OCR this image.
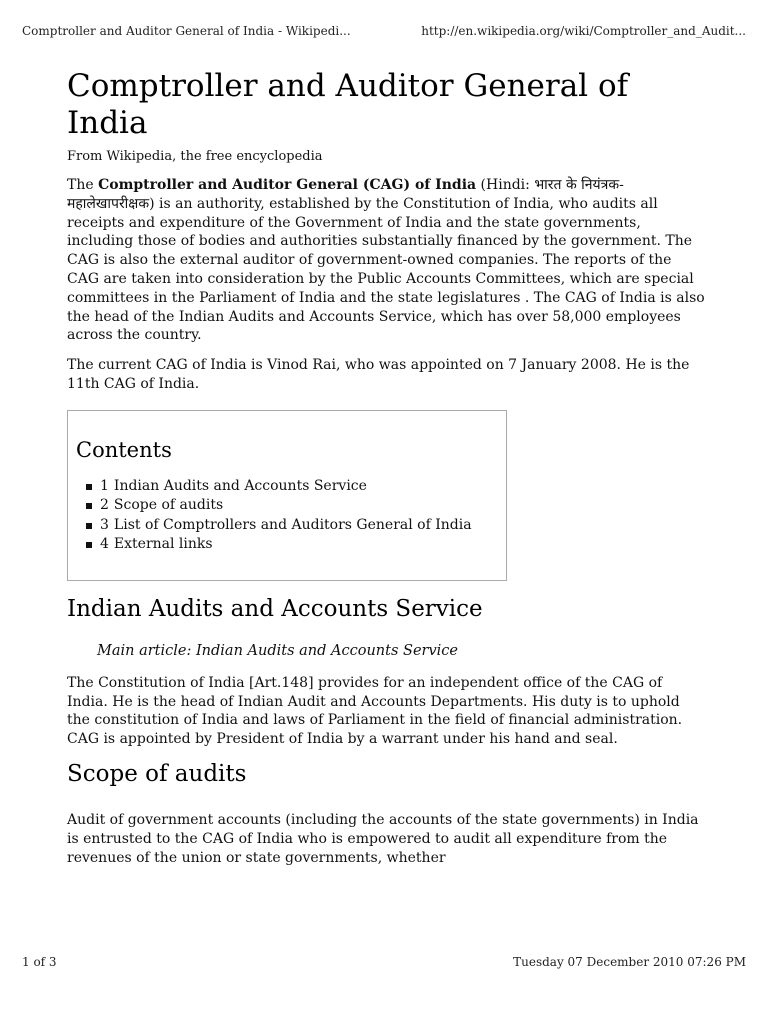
Comptroller and Auditor General of India - Wikipedi...	http://en.wikipedia.org/wiki/Comptroller_and_Audit...
Comptroller and Auditor General of India
From Wikipedia, the free encyclopedia

The Comptroller and Auditor General (CAG) of India (Hindi: भारत के नियंत्रक-महालेखापरीक्षक) is an authority, established by the Constitution of India, who audits all receipts and expenditure of the Government of India and the state governments, including those of bodies and authorities substantially financed by the government. The CAG is also the external auditor of government-owned companies. The reports of the CAG are taken into consideration by the Public Accounts Committees, which are special committees in the Parliament of India and the state legislatures . The CAG of India is also the head of the Indian Audits and Accounts Service, which has over 58,000 employees across the country.

The current CAG of India is Vinod Rai, who was appointed on 7 January 2008. He is the 11th CAG of India.

Contents
1 Indian Audits and Accounts Service
2 Scope of audits
3 List of Comptrollers and Auditors General of India
4 External links
Indian Audits and Accounts Service
Main article: Indian Audits and Accounts Service

The Constitution of India [Art.148] provides for an independent office of the CAG of India. He is the head of Indian Audit and Accounts Departments. His duty is to uphold the constitution of India and laws of Parliament in the field of financial administration. CAG is appointed by President of India by a warrant under his hand and seal.

Scope of audits

Audit of government accounts (including the accounts of the state governments) in India is entrusted to the CAG of India who is empowered to audit all expenditure from the revenues of the union or state governments, whether

1 of 3	Tuesday 07 December 2010 07:26 PM
